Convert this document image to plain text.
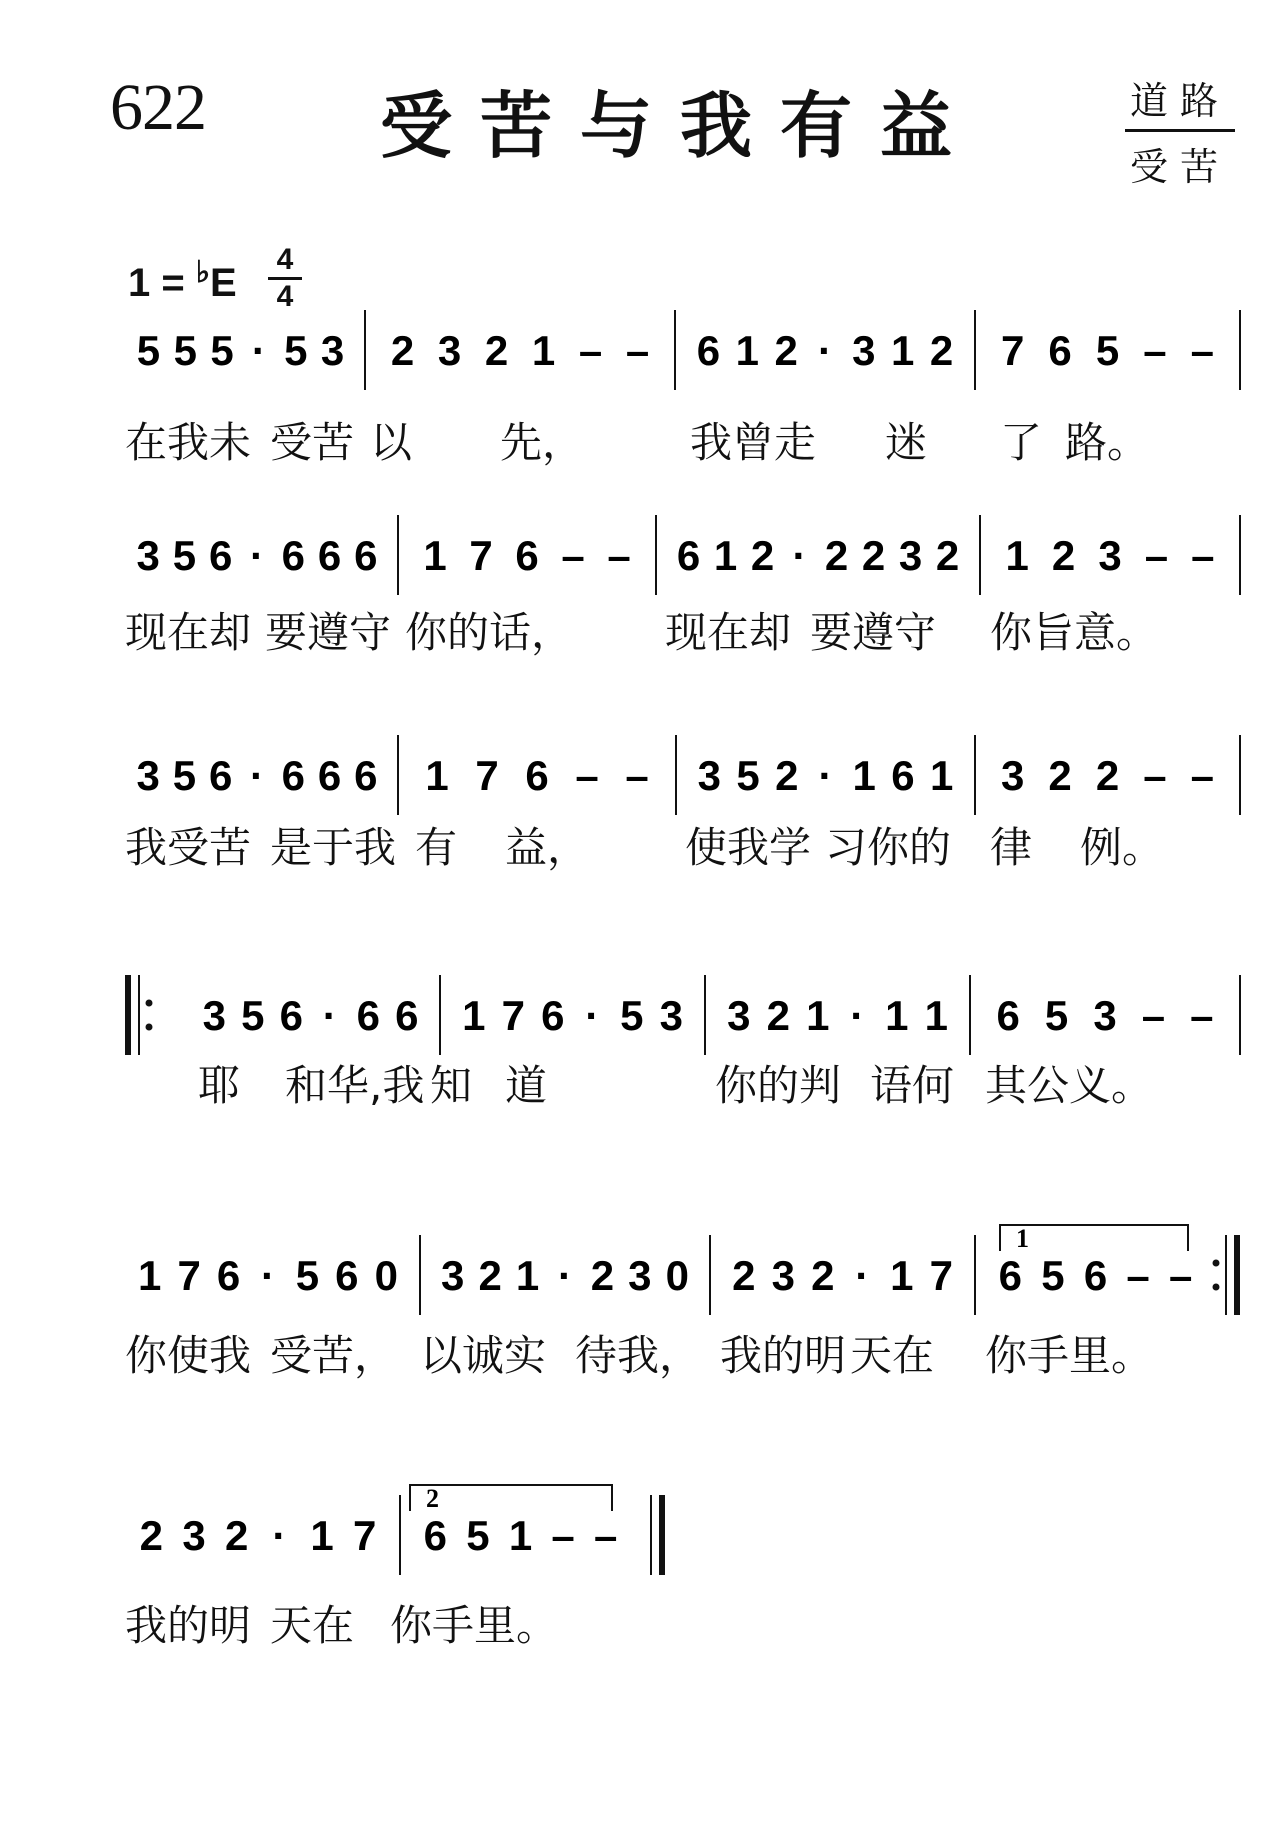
622 受苦与我有益	道路
受苦
1 = ♭E
4
4
5 5 5 · 5 3 2 3 2 1 – – 6 1 2 · 3 1 2 7 6 5 – –
在我未 受苦 以 先，	我曾走 迷 了 路。
3 5 6 · 6 6 6 1 7 6 – – 6 1 2 · 2 2 3 2 1 2 3 – –
现在却 要遵守 你的话， 现在却 要遵守 你旨意。
3 5 6 · 6 6 6 1 7 6 – – 3 5 2 · 1 6 1 3 2 2 – –
我受苦 是于我 有 益， 使我学 习你的 律 例。
3 5 6 · 6 6 1 7 6 · 5 3 3 2 1 · 1 1 6 5 3 – –
耶 和华,我 知 道	你的判 语何 其公义。
1
1 7 6 · 5 6 0 3 2 1 · 2 3 0 2 3 2 · 1 7 6 5 6 – –
你使我 受苦， 以诚实 待我， 我的明 天在 你手里。
2
2 3 2 · 1 7 6 5 1 – –
我的明 天在 你手里。
